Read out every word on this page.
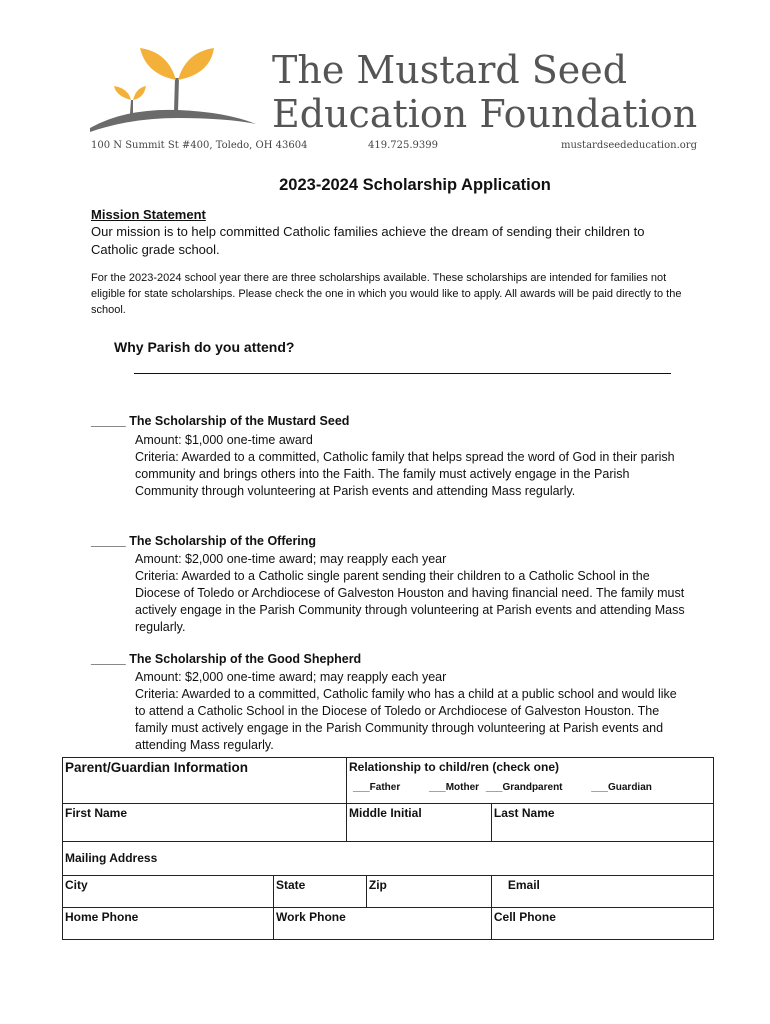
The Mustard Seed
Education Foundation
100 N Summit St #400, Toledo, OH 43604	419.725.9399	mustardseededucation.org
2023-2024 Scholarship Application
Mission Statement
Our mission is to help committed Catholic families achieve the dream of sending their children to Catholic grade school.
For the 2023-2024 school year there are three scholarships available. These scholarships are intended for families not eligible for state scholarships. Please check the one in which you would like to apply. All awards will be paid directly to the school.
Why Parish do you attend?
_____ The Scholarship of the Mustard Seed
Amount: $1,000 one-time award
Criteria: Awarded to a committed, Catholic family that helps spread the word of God in their parish community and brings others into the Faith. The family must actively engage in the Parish Community through volunteering at Parish events and attending Mass regularly.
_____ The Scholarship of the Offering
Amount: $2,000 one-time award; may reapply each year
Criteria: Awarded to a Catholic single parent sending their children to a Catholic School in the Diocese of Toledo or Archdiocese of Galveston Houston and having financial need. The family must actively engage in the Parish Community through volunteering at Parish events and attending Mass regularly.
_____ The Scholarship of the Good Shepherd
Amount: $2,000 one-time award; may reapply each year
Criteria: Awarded to a committed, Catholic family who has a child at a public school and would like to attend a Catholic School in the Diocese of Toledo or Archdiocese of Galveston Houston. The family must actively engage in the Parish Community through volunteering at Parish events and attending Mass regularly.
Parent/Guardian Information		Relationship to child/ren (check one)
___Father ___Mother ___Grandparent ___Guardian		

First Name		Middle Initial		Last Name
Mailing Address				
City	State		Zip	Email
Home Phone	Work Phone			Cell Phone
